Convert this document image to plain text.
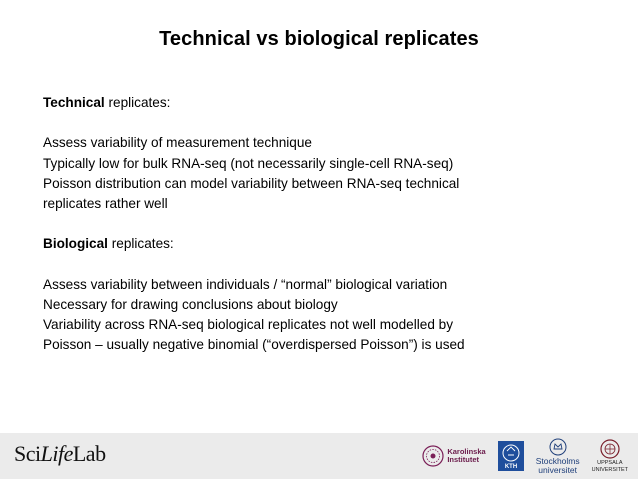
Technical vs biological replicates
Technical replicates:
Assess variability of measurement technique
Typically low for bulk RNA-seq (not necessarily single-cell RNA-seq)
Poisson distribution can model variability between RNA-seq technical
replicates rather well
Biological replicates:
Assess variability between individuals / “normal” biological variation
Necessary for drawing conclusions about biology
Variability across RNA-seq biological replicates not well modelled by
Poisson – usually negative binomial (“overdispersed Poisson”) is used
SciLifeLab	Karolinska
Institutet
KTH
Stockholms
universitet
UPPSALA
UNIVERSITET
